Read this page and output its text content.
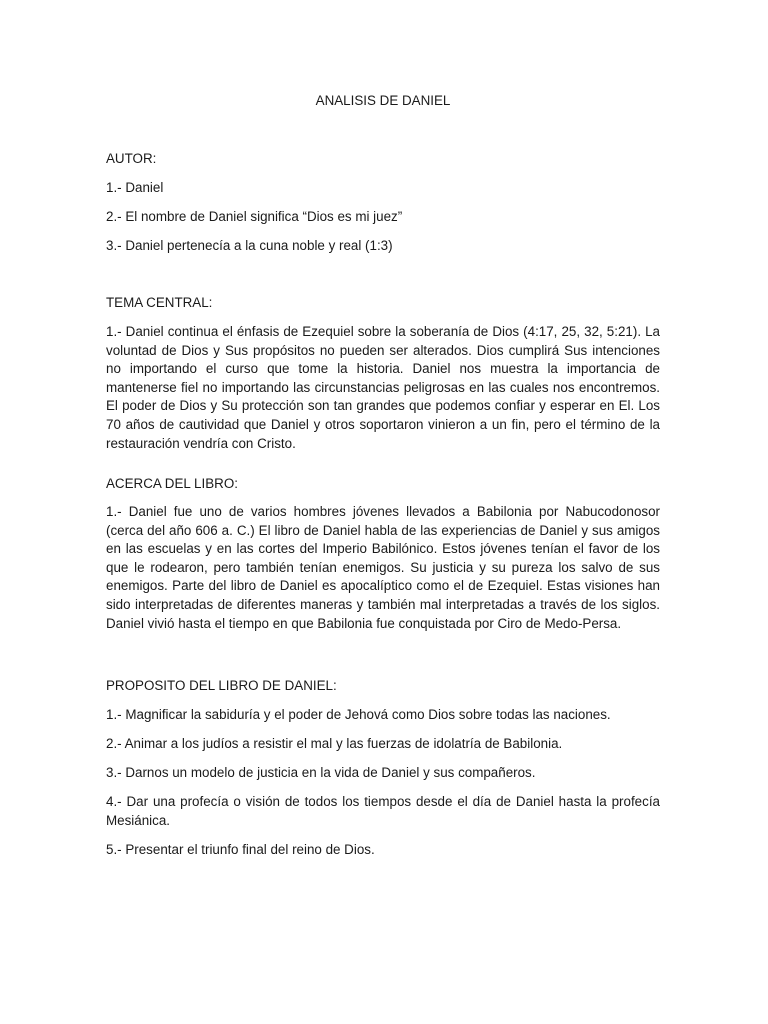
ANALISIS DE DANIEL

AUTOR:

1.- Daniel

2.- El nombre de Daniel significa “Dios es mi juez”

3.- Daniel pertenecía a la cuna noble y real (1:3)

TEMA CENTRAL:

1.- Daniel continua el énfasis de Ezequiel sobre la soberanía de Dios (4:17, 25, 32, 5:21). La voluntad de Dios y Sus propósitos no pueden ser alterados. Dios cumplirá Sus intenciones no importando el curso que tome la historia. Daniel nos muestra la importancia de mantenerse fiel no importando las circunstancias peligrosas en las cuales nos encontremos. El poder de Dios y Su protección son tan grandes que podemos confiar y esperar en El. Los 70 años de cautividad que Daniel y otros soportaron vinieron a un fin, pero el término de la restauración vendría con Cristo.

ACERCA DEL LIBRO:

1.- Daniel fue uno de varios hombres jóvenes llevados a Babilonia por Nabucodonosor (cerca del año 606 a. C.) El libro de Daniel habla de las experiencias de Daniel y sus amigos en las escuelas y en las cortes del Imperio Babilónico. Estos jóvenes tenían el favor de los que le rodearon, pero también tenían enemigos. Su justicia y su pureza los salvo de sus enemigos. Parte del libro de Daniel es apocalíptico como el de Ezequiel. Estas visiones han sido interpretadas de diferentes maneras y también mal interpretadas a través de los siglos. Daniel vivió hasta el tiempo en que Babilonia fue conquistada por Ciro de Medo-Persa.

PROPOSITO DEL LIBRO DE DANIEL:

1.- Magnificar la sabiduría y el poder de Jehová como Dios sobre todas las naciones.

2.- Animar a los judíos a resistir el mal y las fuerzas de idolatría de Babilonia.

3.- Darnos un modelo de justicia en la vida de Daniel y sus compañeros.

4.- Dar una profecía o visión de todos los tiempos desde el día de Daniel hasta la profecía Mesiánica.

5.- Presentar el triunfo final del reino de Dios.
